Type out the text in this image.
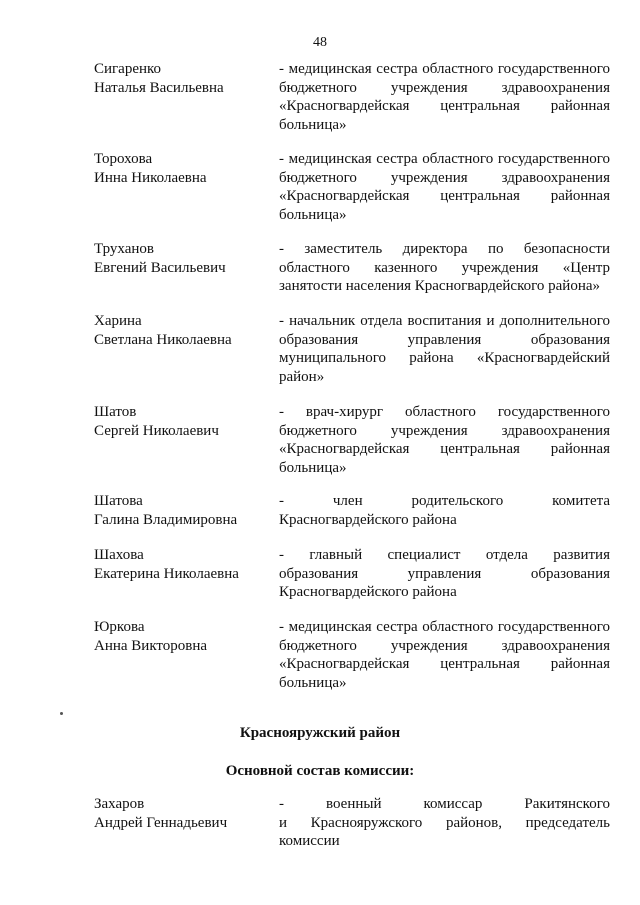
48
Сигаренко
Наталья Васильевна
- медицинская сестра областного государственного
бюджетного учреждения здравоохранения
«Красногвардейская центральная районная
больница»
Торохова
Инна Николаевна
- медицинская сестра областного государственного
бюджетного учреждения здравоохранения
«Красногвардейская центральная районная
больница»
Труханов
Евгений Васильевич
- заместитель директора по безопасности
областного казенного учреждения «Центр
занятости населения Красногвардейского района»
Харина
Светлана Николаевна
- начальник отдела воспитания и дополнительного
образования управления образования
муниципального района «Красногвардейский
район»
Шатов
Сергей Николаевич
- врач-хирург областного государственного
бюджетного учреждения здравоохранения
«Красногвардейская центральная районная
больница»
Шатова
Галина Владимировна
- член родительского комитета
Красногвардейского района
Шахова
Екатерина Николаевна
- главный специалист отдела развития
образования управления образования
Красногвардейского района
Юркова
Анна Викторовна
- медицинская сестра областного государственного
бюджетного учреждения здравоохранения
«Красногвардейская центральная районная
больница»
Краснояружский район
Основной состав комиссии:
Захаров
Андрей Геннадьевич
- военный комиссар Ракитянского
и Краснояружского районов, председатель
комиссии
